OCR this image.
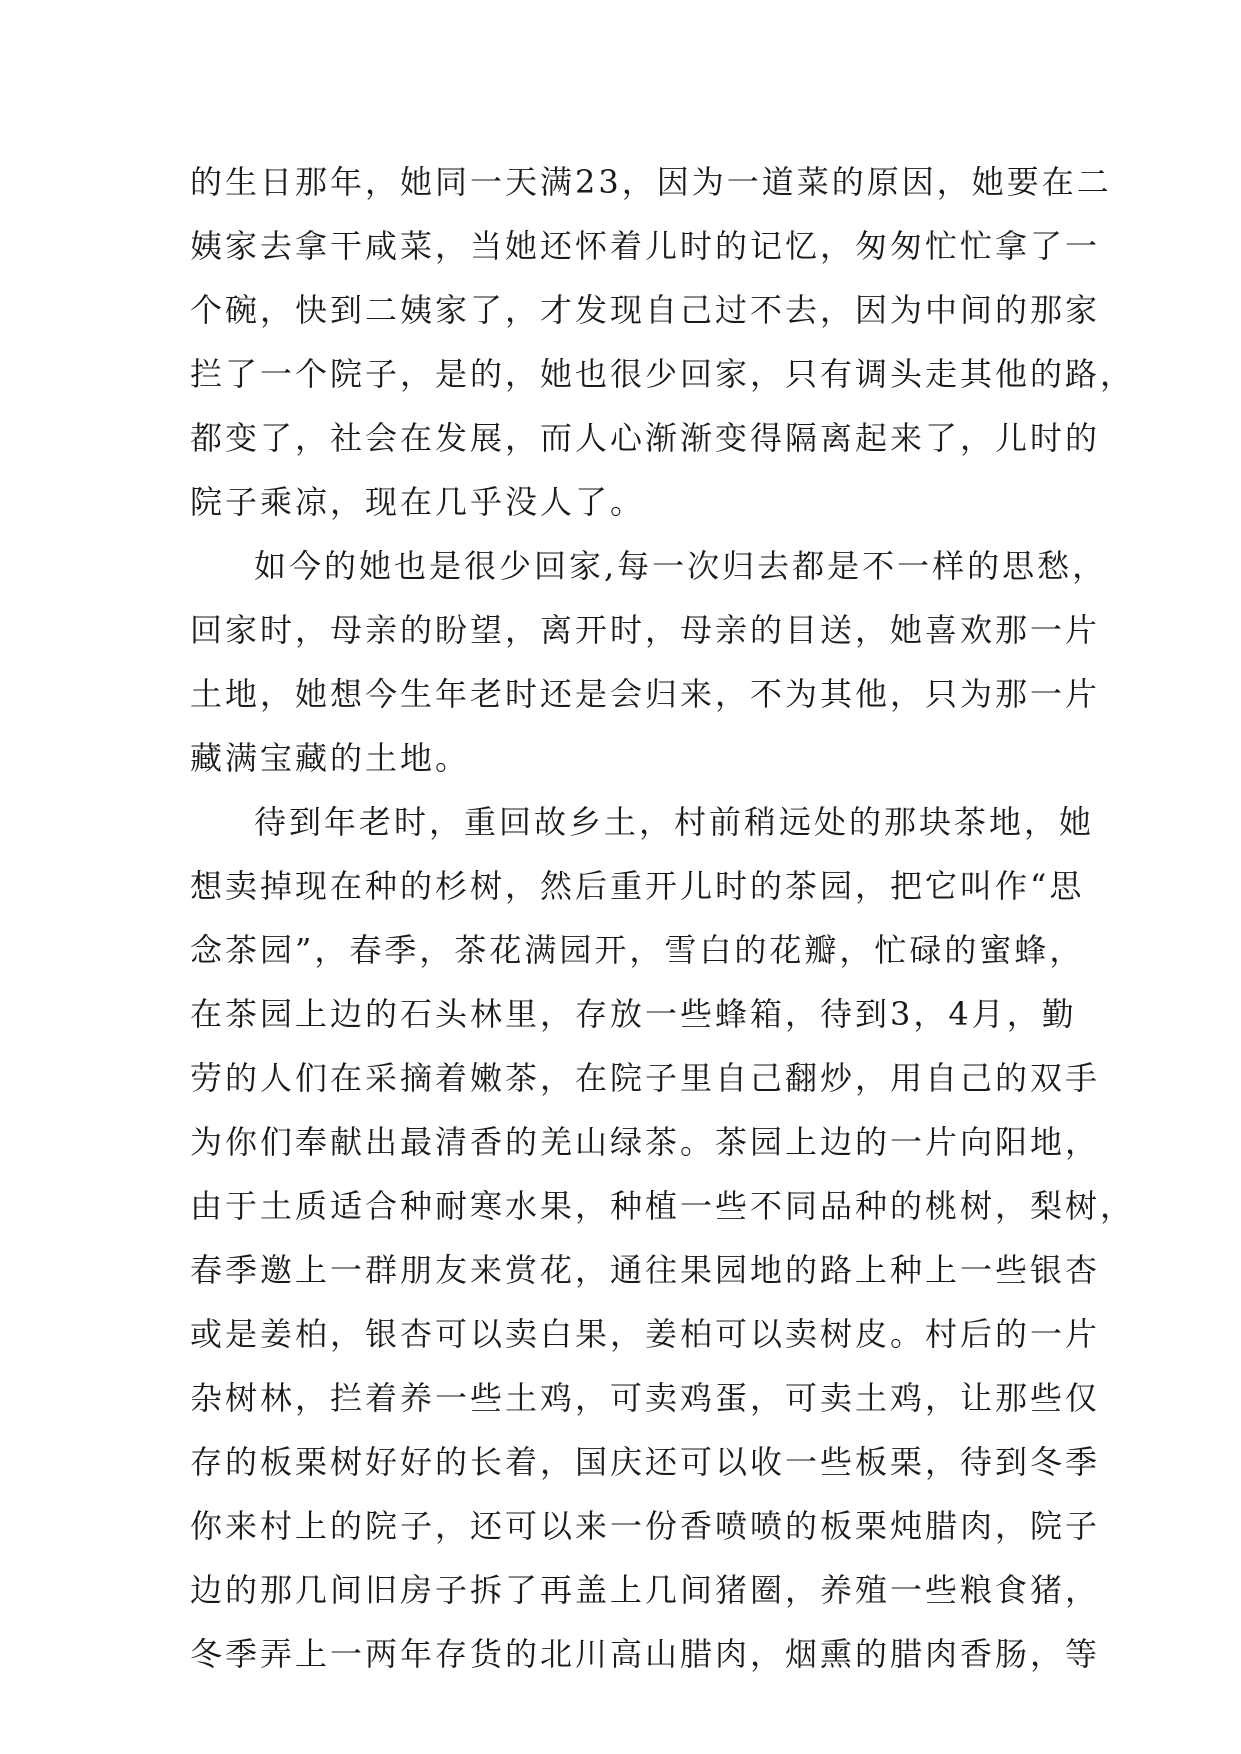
的生日那年，她同一天满23，因为一道菜的原因，她要在二
姨家去拿干咸菜，当她还怀着儿时的记忆，匆匆忙忙拿了一
个碗，快到二姨家了，才发现自己过不去，因为中间的那家
拦了一个院子，是的，她也很少回家，只有调头走其他的路，
都变了，社会在发展，而人心渐渐变得隔离起来了，儿时的
院子乘凉，现在几乎没人了。
如今的她也是很少回家,每一次归去都是不一样的思愁，
回家时，母亲的盼望，离开时，母亲的目送，她喜欢那一片
土地，她想今生年老时还是会归来，不为其他，只为那一片
藏满宝藏的土地。
待到年老时，重回故乡土，村前稍远处的那块茶地，她
想卖掉现在种的杉树，然后重开儿时的茶园，把它叫作“思
念茶园”，春季，茶花满园开，雪白的花瓣，忙碌的蜜蜂，
在茶园上边的石头林里，存放一些蜂箱，待到3，4月，勤
劳的人们在采摘着嫩茶，在院子里自己翻炒，用自己的双手
为你们奉献出最清香的羌山绿茶。茶园上边的一片向阳地，
由于土质适合种耐寒水果，种植一些不同品种的桃树，梨树，
春季邀上一群朋友来赏花，通往果园地的路上种上一些银杏
或是姜柏，银杏可以卖白果，姜柏可以卖树皮。村后的一片
杂树林，拦着养一些土鸡，可卖鸡蛋，可卖土鸡，让那些仅
存的板栗树好好的长着，国庆还可以收一些板栗，待到冬季
你来村上的院子，还可以来一份香喷喷的板栗炖腊肉，院子
边的那几间旧房子拆了再盖上几间猪圈，养殖一些粮食猪，
冬季弄上一两年存货的北川高山腊肉，烟熏的腊肉香肠，等
